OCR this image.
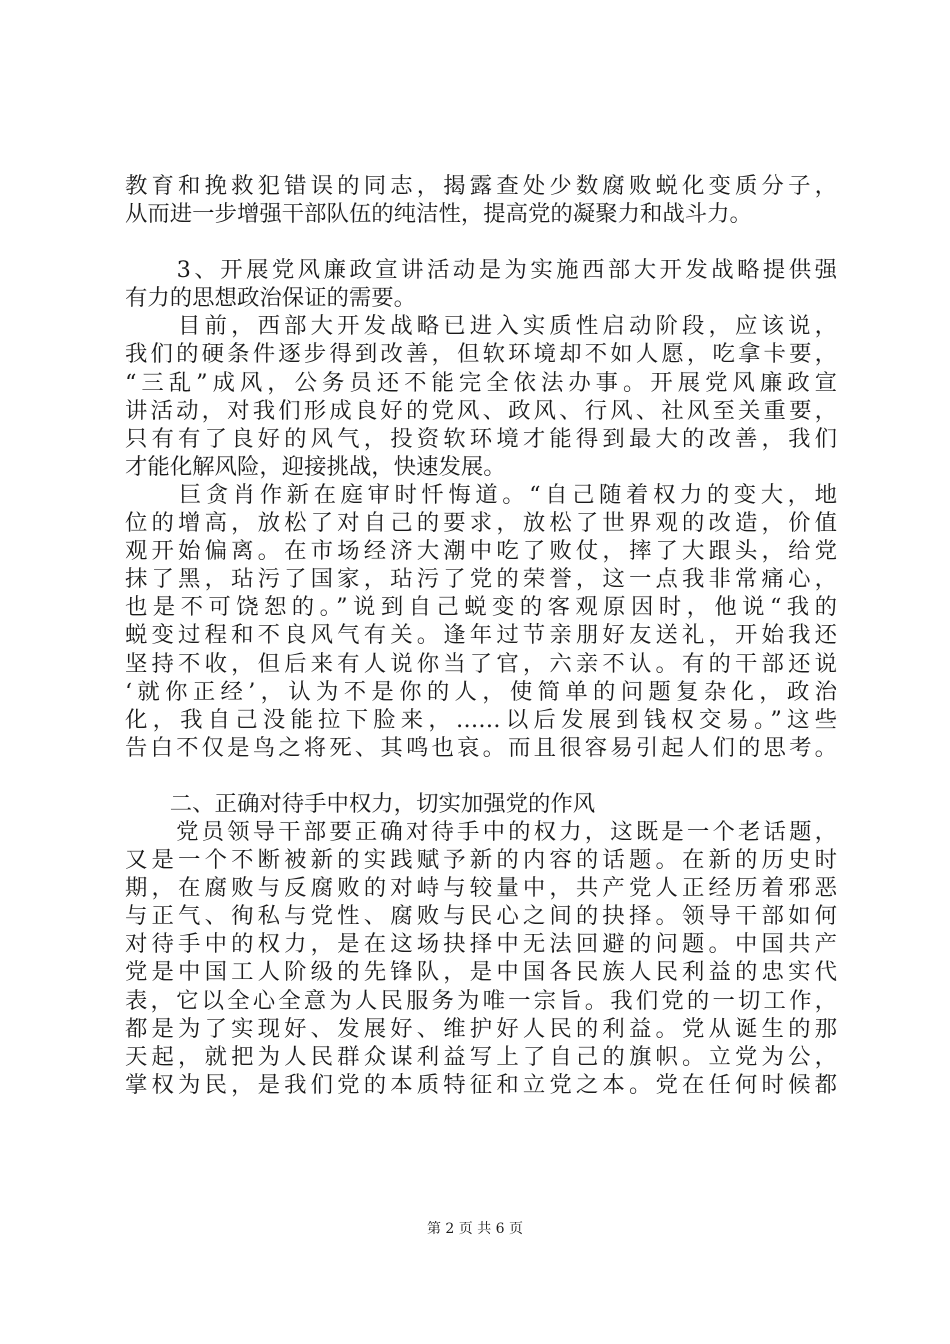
教育和挽救犯错误的同志，揭露查处少数腐败蜕化变质分子，
从而进一步增强干部队伍的纯洁性，提高党的凝聚力和战斗力。
　　3、开展党风廉政宣讲活动是为实施西部大开发战略提供强
有力的思想政治保证的需要。
　　目前，西部大开发战略已进入实质性启动阶段，应该说，
我们的硬条件逐步得到改善，但软环境却不如人愿，吃拿卡要，
“三乱”成风，公务员还不能完全依法办事。开展党风廉政宣
讲活动，对我们形成良好的党风、政风、行风、社风至关重要，
只有有了良好的风气，投资软环境才能得到最大的改善，我们
才能化解风险，迎接挑战，快速发展。
　　巨贪肖作新在庭审时忏悔道。“自己随着权力的变大，地
位的增高，放松了对自己的要求，放松了世界观的改造，价值
观开始偏离。在市场经济大潮中吃了败仗，摔了大跟头，给党
抹了黑，玷污了国家，玷污了党的荣誉，这一点我非常痛心，
也是不可饶恕的。”说到自己蜕变的客观原因时，他说“我的
蜕变过程和不良风气有关。逢年过节亲朋好友送礼，开始我还
坚持不收，但后来有人说你当了官，六亲不认。有的干部还说
‘就你正经’，认为不是你的人，使简单的问题复杂化，政治
化，我自己没能拉下脸来，……以后发展到钱权交易。”这些
告白不仅是鸟之将死、其鸣也哀。而且很容易引起人们的思考。
　　二、正确对待手中权力，切实加强党的作风
　　党员领导干部要正确对待手中的权力，这既是一个老话题，
又是一个不断被新的实践赋予新的内容的话题。在新的历史时
期，在腐败与反腐败的对峙与较量中，共产党人正经历着邪恶
与正气、徇私与党性、腐败与民心之间的抉择。领导干部如何
对待手中的权力，是在这场抉择中无法回避的问题。中国共产
党是中国工人阶级的先锋队，是中国各民族人民利益的忠实代
表，它以全心全意为人民服务为唯一宗旨。我们党的一切工作，
都是为了实现好、发展好、维护好人民的利益。党从诞生的那
天起，就把为人民群众谋利益写上了自己的旗帜。立党为公，
掌权为民，是我们党的本质特征和立党之本。党在任何时候都
第 2 页 共 6 页
